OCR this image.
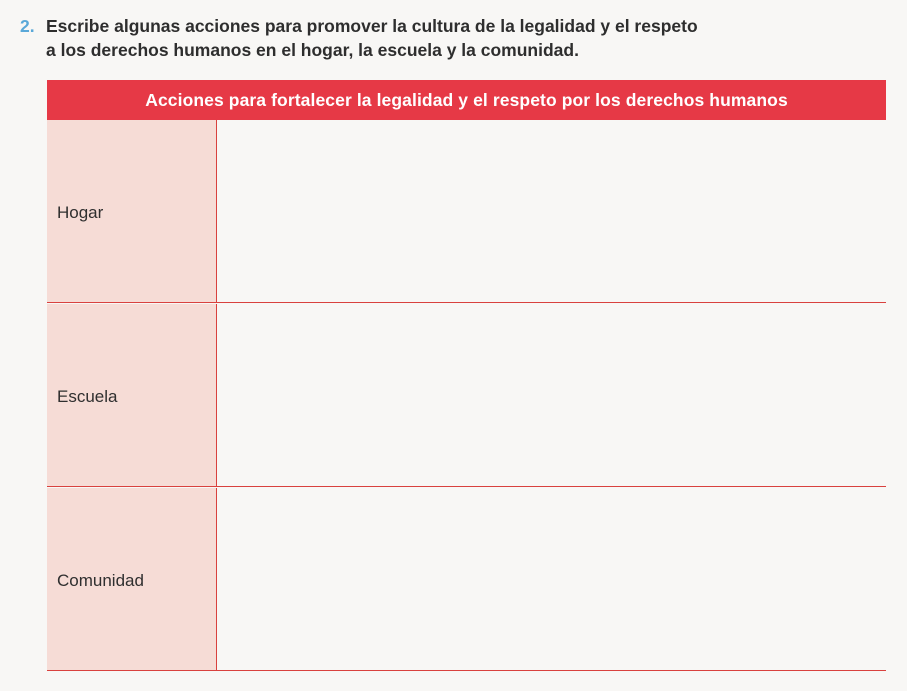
2. Escribe algunas acciones para promover la cultura de la legalidad y el respeto
a los derechos humanos en el hogar, la escuela y la comunidad.
Acciones para fortalecer la legalidad y el respeto por los derechos humanos
Hogar
Escuela
Comunidad
